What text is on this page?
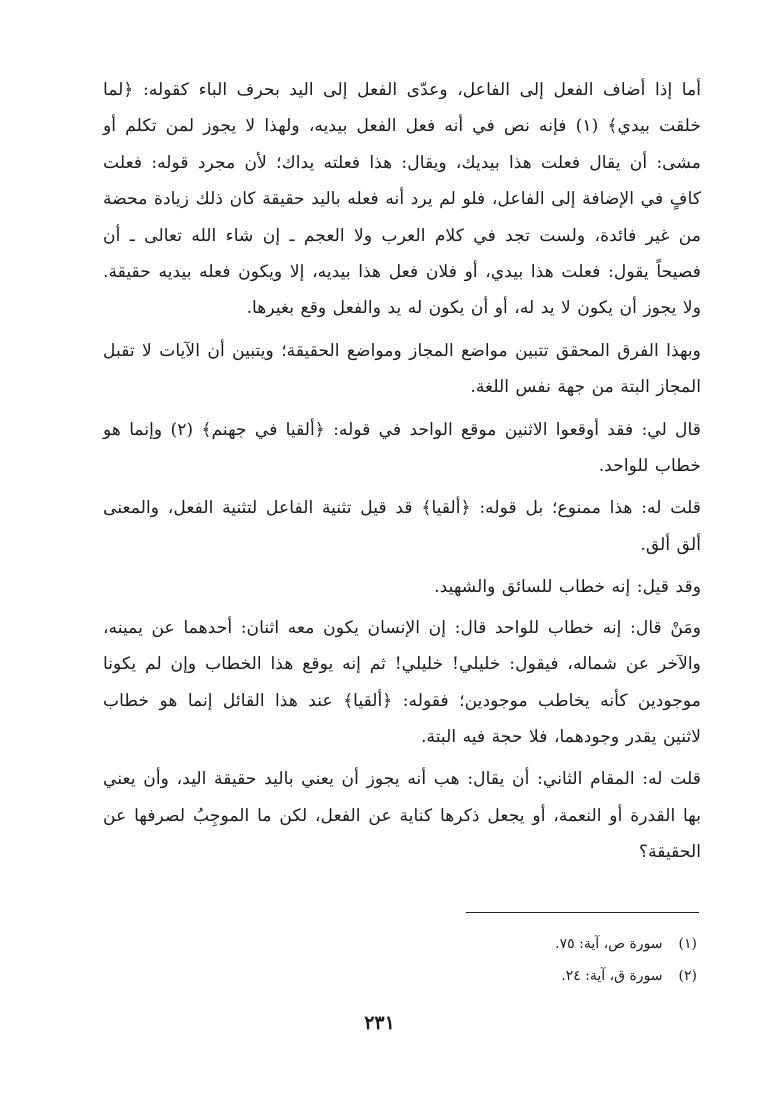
أما إذا أضاف الفعل إلى الفاعل، وعدّى الفعل إلى اليد بحرف الباء كقوله: ﴿لما خلقت بيدي﴾ (١) فإنه نص في أنه فعل الفعل بيديه، ولهذا لا يجوز لمن تكلم أو مشى: أن يقال فعلت هذا بيديك، ويقال: هذا فعلته يداك؛ لأن مجرد قوله: فعلت كافٍ في الإضافة إلى الفاعل، فلو لم يرد أنه فعله باليد حقيقة كان ذلك زيادة محضة من غير فائدة، ولست تجد في كلام العرب ولا العجم ـ إن شاء الله تعالى ـ أن فصيحاً يقول: فعلت هذا بيدي، أو فلان فعل هذا بيديه، إلا ويكون فعله بيديه حقيقة. ولا يجوز أن يكون لا يد له، أو أن يكون له يد والفعل وقع بغيرها.

وبهذا الفرق المحقق تتبين مواضع المجاز ومواضع الحقيقة؛ ويتبين أن الآيات لا تقبل المجاز البتة من جهة نفس اللغة.

قال لي: فقد أوقعوا الاثنين موقع الواحد في قوله: ﴿ألقيا في جهنم﴾ (٢) وإنما هو خطاب للواحد.

قلت له: هذا ممنوع؛ بل قوله: ﴿ألقيا﴾ قد قيل تثنية الفاعل لتثنية الفعل، والمعنى ألق ألق.

وقد قيل: إنه خطاب للسائق والشهيد.

ومَنْ قال: إنه خطاب للواحد قال: إن الإنسان يكون معه اثنان: أحدهما عن يمينه، والآخر عن شماله، فيقول: خليلي! خليلي! ثم إنه يوقع هذا الخطاب وإن لم يكونا موجودين كأنه يخاطب موجودين؛ فقوله: ﴿ألقيا﴾ عند هذا القائل إنما هو خطاب لاثنين يقدر وجودهما، فلا حجة فيه البتة.

قلت له: المقام الثاني: أن يقال: هب أنه يجوز أن يعني باليد حقيقة اليد، وأن يعني بها القدرة أو النعمة، أو يجعل ذكرها كناية عن الفعل، لكن ما الموجِبُ لصرفها عن الحقيقة؟

(١) سورة ص، آية: ٧٥.
(٢) سورة ق، آية: ٢٤.
٢٣١
